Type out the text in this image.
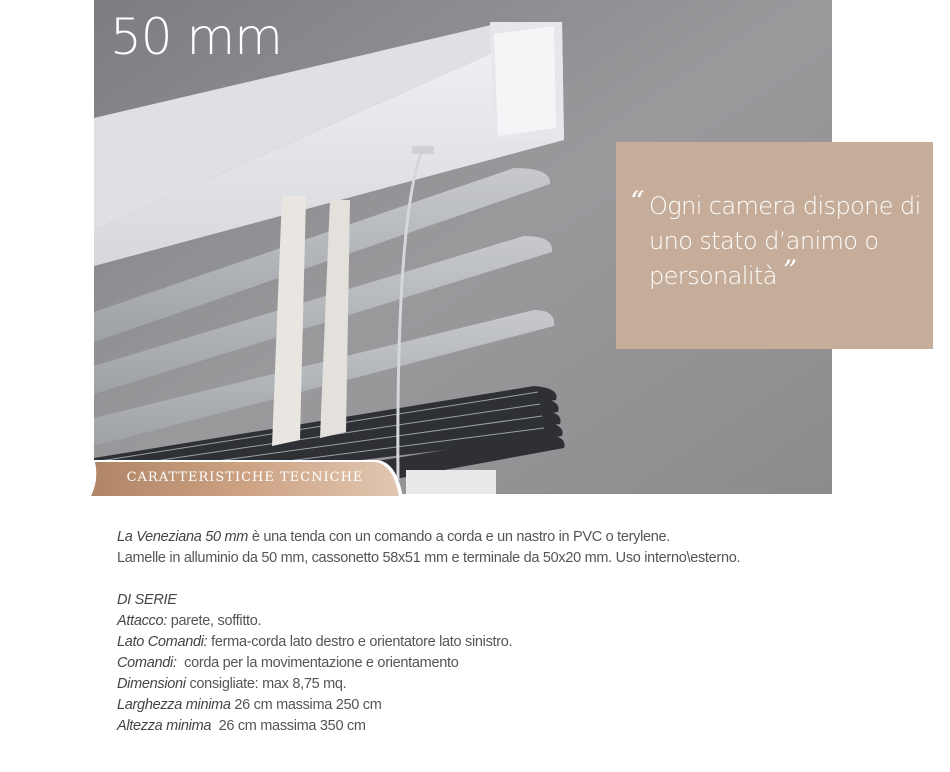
50 mm
“ Ogni camera dispone di uno stato d’animo o personalità ”
CARATTERISTICHE TECNICHE

La Veneziana 50 mm è una tenda con un comando a corda e un nastro in PVC o terylene.

Lamelle in alluminio da 50 mm, cassonetto 58x51 mm e terminale da 50x20 mm. Uso interno\esterno.

DI SERIE

Attacco: parete, soffitto.

Lato Comandi: ferma-corda lato destro e orientatore lato sinistro.

Comandi:  corda per la movimentazione e orientamento

Dimensioni consigliate: max 8,75 mq.

Larghezza minima 26 cm massima 250 cm

Altezza minima  26 cm massima 350 cm
